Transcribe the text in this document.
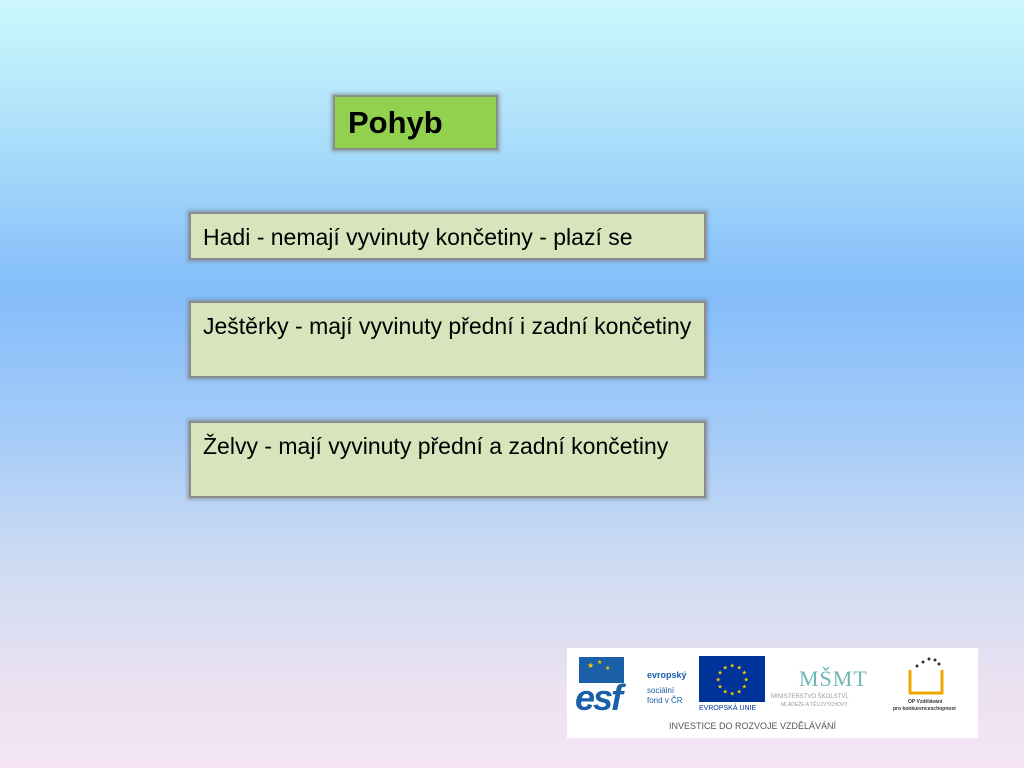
Pohyb
Hadi - nemají vyvinuty končetiny - plazí se
Ještěrky - mají vyvinuty přední i zadní končetiny
Želvy - mají vyvinuty přední a zadní končetiny
★ ★
★
esf
evropský
sociální
fond v ČR
★
★
★
★
★
★
★
★
★ ★ ★
★
EVROPSKÁ UNIE
MŠMT
MINISTERSTVO ŠKOLSTVÍ,
MLÁDEŽE A TĚLOVÝCHOVY	OP Vzdělávání
pro konkurenceschopnost
INVESTICE DO ROZVOJE VZDĚLÁVÁNÍ
